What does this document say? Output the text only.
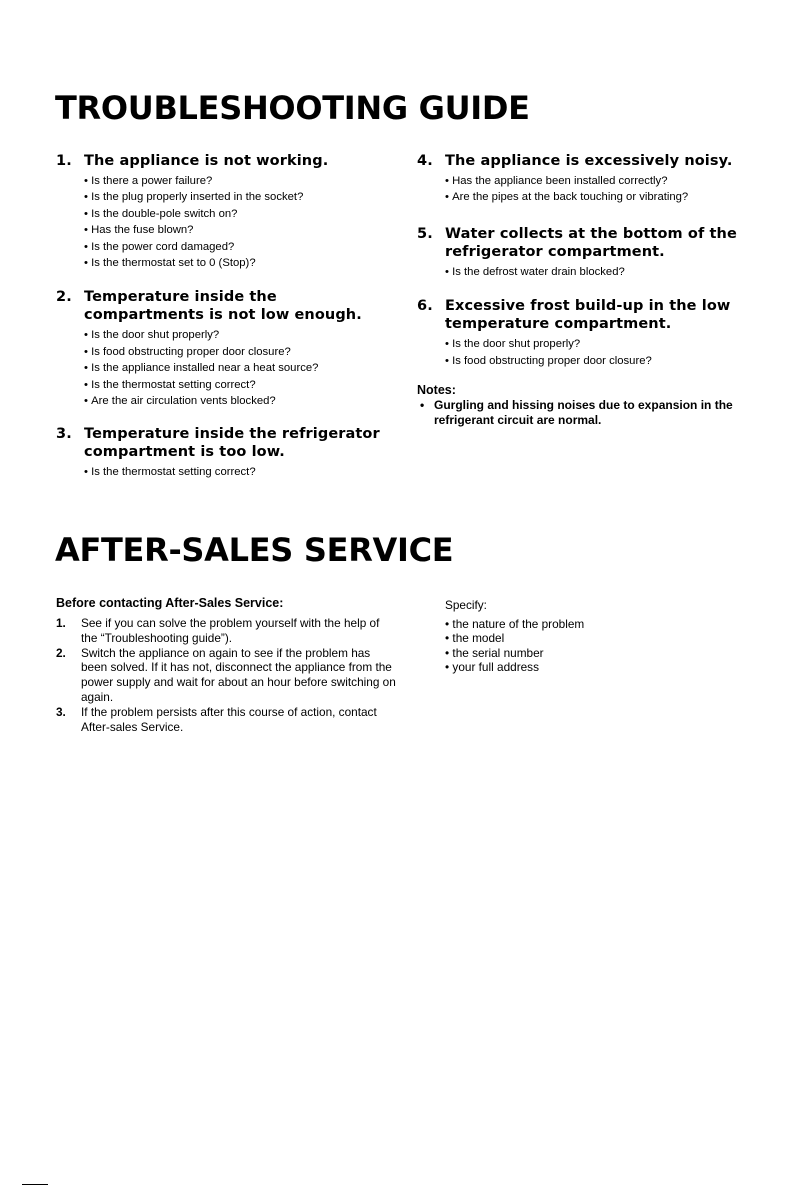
TROUBLESHOOTING GUIDE
1. The appliance is not working.
• Is there a power failure?
• Is the plug properly inserted in the socket?
• Is the double-pole switch on?
• Has the fuse blown?
• Is the power cord damaged?
• Is the thermostat set to 0 (Stop)?
2. Temperature inside the compartments is not low enough.
• Is the door shut properly?
• Is food obstructing proper door closure?
• Is the appliance installed near a heat source?
• Is the thermostat setting correct?
• Are the air circulation vents blocked?
3. Temperature inside the refrigerator compartment is too low.
• Is the thermostat setting correct?
4. The appliance is excessively noisy.
• Has the appliance been installed correctly?
• Are the pipes at the back touching or vibrating?
5. Water collects at the bottom of the refrigerator compartment.
• Is the defrost water drain blocked?
6. Excessive frost build-up in the low temperature compartment.
• Is the door shut properly?
• Is food obstructing proper door closure?
Notes:
• Gurgling and hissing noises due to expansion in the refrigerant circuit are normal.
AFTER-SALES SERVICE
Before contacting After-Sales Service:
1. See if you can solve the problem yourself with the help of the “Troubleshooting guide”).
2. Switch the appliance on again to see if the problem has been solved. If it has not, disconnect the appliance from the power supply and wait for about an hour before switching on again.
3. If the problem persists after this course of action, contact After-sales Service.
Specify:
• the nature of the problem
• the model
• the serial number
• your full address
